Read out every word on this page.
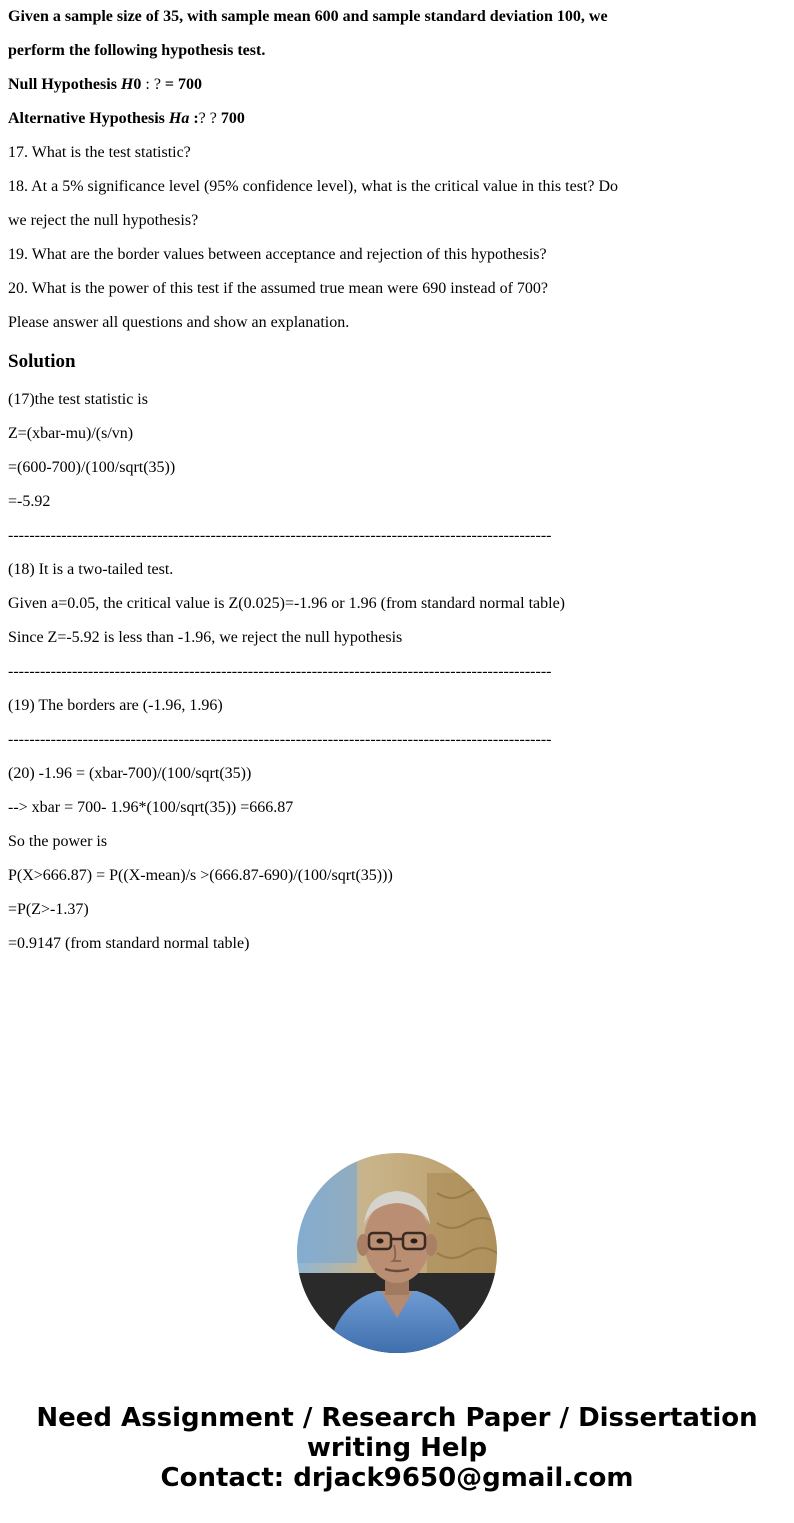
Given a sample size of 35, with sample mean 600 and sample standard deviation 100, we
perform the following hypothesis test.
Null Hypothesis H0 : ? = 700
Alternative Hypothesis Ha :? ? 700
17. What is the test statistic?
18. At a 5% significance level (95% confidence level), what is the critical value in this test? Do
we reject the null hypothesis?
19. What are the border values between acceptance and rejection of this hypothesis?
20. What is the power of this test if the assumed true mean were 690 instead of 700?
Please answer all questions and show an explanation.
Solution
(17)the test statistic is
Z=(xbar-mu)/(s/vn)
=(600-700)/(100/sqrt(35))
=-5.92
------------------------------------------------------------------------------------------------------
(18) It is a two-tailed test.
Given a=0.05, the critical value is Z(0.025)=-1.96 or 1.96 (from standard normal table)
Since Z=-5.92 is less than -1.96, we reject the null hypothesis
------------------------------------------------------------------------------------------------------
(19) The borders are (-1.96, 1.96)
------------------------------------------------------------------------------------------------------
(20) -1.96 = (xbar-700)/(100/sqrt(35))
--> xbar = 700- 1.96*(100/sqrt(35)) =666.87
So the power is
P(X>666.87) = P((X-mean)/s >(666.87-690)/(100/sqrt(35)))
=P(Z>-1.37)
=0.9147 (from standard normal table)
Need Assignment / Research Paper / Dissertation
writing Help
Contact: drjack9650@gmail.com
